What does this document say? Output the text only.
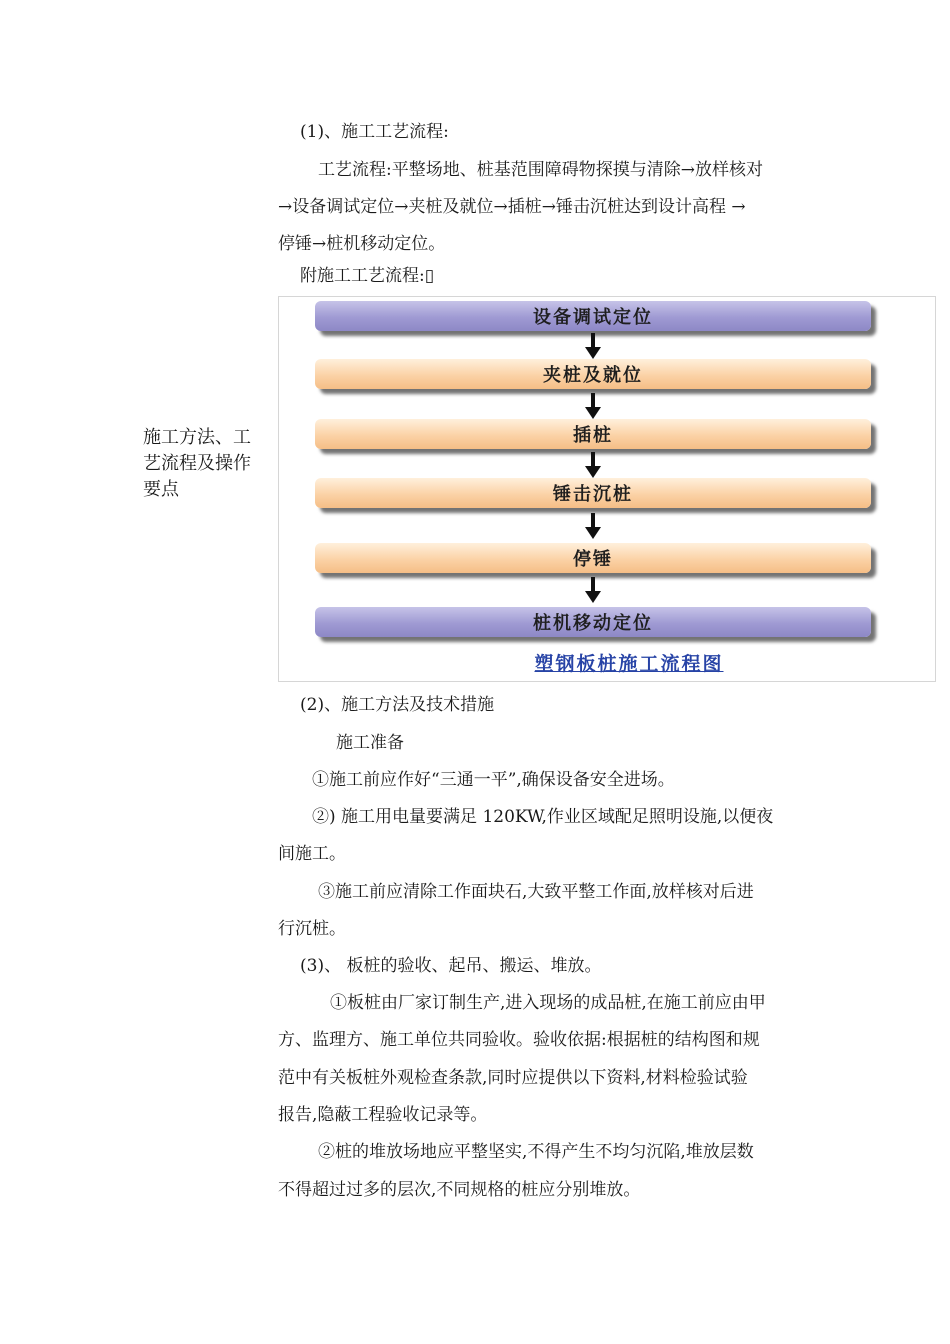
施工方法、工艺流程及操作要点
(1)、施工工艺流程:
工艺流程:平整场地、桩基范围障碍物探摸与清除→放样核对
→设备调试定位→夹桩及就位→插桩→锤击沉桩达到设计高程 →
停锤→桩机移动定位。
附施工工艺流程:▯
设备调试定位
夹桩及就位
插桩
锤击沉桩
停锤
桩机移动定位
塑钢板桩施工流程图
(2)、施工方法及技术措施
施工准备
①施工前应作好“三通一平”,确保设备安全进场。
②) 施工用电量要满足 120KW,作业区域配足照明设施,以便夜
间施工。
③施工前应清除工作面块石,大致平整工作面,放样核对后进
行沉桩。
(3)、 板桩的验收、起吊、搬运、堆放。
①板桩由厂家订制生产,进入现场的成品桩,在施工前应由甲
方、监理方、施工单位共同验收。验收依据:根据桩的结构图和规
范中有关板桩外观检查条款,同时应提供以下资料,材料检验试验
报告,隐蔽工程验收记录等。
②桩的堆放场地应平整坚实,不得产生不均匀沉陷,堆放层数
不得超过过多的层次,不同规格的桩应分别堆放。
